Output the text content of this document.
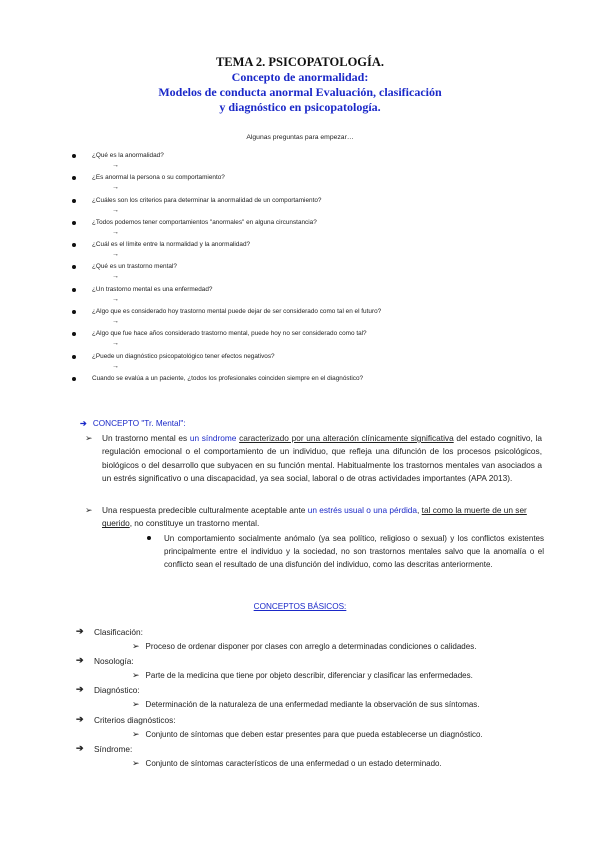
TEMA 2. PSICOPATOLOGÍA.
Concepto de anormalidad:
Modelos de conducta anormal Evaluación, clasificación
y diagnóstico en psicopatología.
Algunas preguntas para empezar…
¿Qué es la anormalidad?
→
¿Es anormal la persona o su comportamiento?
→
¿Cuáles son los criterios para determinar la anormalidad de un comportamiento?
→
¿Todos podemos tener comportamientos "anormales" en alguna circunstancia?
→
¿Cuál es el límite entre la normalidad y la anormalidad?
→
¿Qué es un trastorno mental?
→
¿Un trastorno mental es una enfermedad?
→
¿Algo que es considerado hoy trastorno mental puede dejar de ser considerado como tal en el futuro?
→
¿Algo que fue hace años considerado trastorno mental, puede hoy no ser considerado como tal?
→
¿Puede un diagnóstico psicopatológico tener efectos negativos?
→
Cuando se evalúa a un paciente, ¿todos los profesionales coinciden siempre en el diagnóstico?
➔ CONCEPTO "Tr. Mental":
➢ Un trastorno mental es un síndrome caracterizado por una alteración clínicamente significativa del estado cognitivo, la regulación emocional o el comportamiento de un individuo, que refleja una difunción de los procesos psicológicos, biológicos o del desarrollo que subyacen en su función mental. Habitualmente los trastornos mentales van asociados a un estrés significativo o una discapacidad, ya sea social, laboral o de otras actividades importantes (APA 2013).
➢ Una respuesta predecible culturalmente aceptable ante un estrés usual o una pérdida, tal como la muerte de un ser querido, no constituye un trastorno mental.
Un comportamiento socialmente anómalo (ya sea político, religioso o sexual) y los conflictos existentes principalmente entre el individuo y la sociedad, no son trastornos mentales salvo que la anomalía o el conflicto sean el resultado de una disfunción del individuo, como las descritas anteriormente.
CONCEPTOS BÁSICOS:
➔ Clasificación:
➢ Proceso de ordenar disponer por clases con arreglo a determinadas condiciones o calidades.
➔ Nosología:
➢ Parte de la medicina que tiene por objeto describir, diferenciar y clasificar las enfermedades.
➔ Diagnóstico:
➢ Determinación de la naturaleza de una enfermedad mediante la observación de sus síntomas.
➔ Criterios diagnósticos:
➢ Conjunto de síntomas que deben estar presentes para que pueda establecerse un diagnóstico.
➔ Síndrome:
➢ Conjunto de síntomas característicos de una enfermedad o un estado determinado.
